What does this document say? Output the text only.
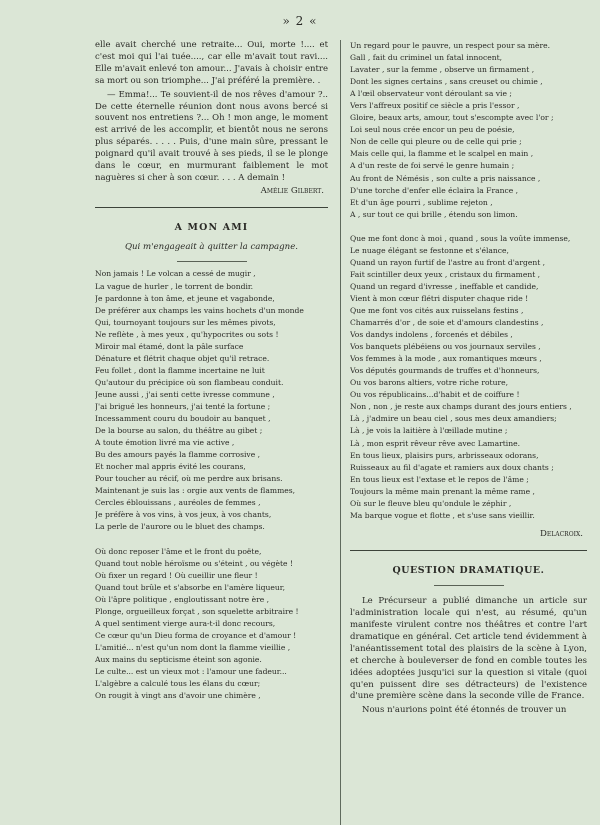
» 2 «

elle avait cherché une retraite... Oui, morte !.... et c'est moi qui l'ai tuée...., car elle m'avait tout ravi.... Elle m'avait enlevé ton amour... J'avais à choisir entre sa mort ou son triomphe... J'ai préféré la première. .

— Emma!... Te souvient-il de nos rêves d'amour ?.. De cette éternelle réunion dont nous avons bercé si souvent nos entretiens ?... Oh ! mon ange, le moment est arrivé de les accomplir, et bientôt nous ne serons plus séparés. . . . . Puis, d'une main sûre, pressant le poignard qu'il avait trouvé à ses pieds, il se le plonge dans le cœur, en murmurant faiblement le mot naguères si cher à son cœur. . . . A demain !

Amélie Gilbert.

A MON AMI
Qui m'engageait à quitter la campagne.
Non jamais ! Le volcan a cessé de mugir ,
La vague de hurler , le torrent de bondir.
Je pardonne à ton âme, et jeune et vagabonde,
De préférer aux champs les vains hochets d'un monde
Qui, tournoyant toujours sur les mêmes pivots,
Ne reflète , à mes yeux , qu'hypocrites ou sots !
Miroir mal étamé, dont la pâle surface
Dénature et flétrit chaque objet qu'il retrace.
Feu follet , dont la flamme incertaine ne luit
Qu'autour du précipice où son flambeau conduit.
Jeune aussi , j'ai senti cette ivresse commune ,
J'ai brigué les honneurs, j'ai tenté la fortune ;
Incessamment couru du boudoir au banquet ,
De la bourse au salon, du théâtre au gibet ;
A toute émotion livré ma vie active ,
Bu des amours payés la flamme corrosive ,
Et nocher mal appris évité les courans,
Pour toucher au récif, où me perdre aux brisans.
Maintenant je suis las : orgie aux vents de flammes,
Cercles éblouissans , auréoles de femmes ,
Je préfère à vos vins, à vos jeux, à vos chants,
La perle de l'aurore ou le bluet des champs.
Où donc reposer l'âme et le front du poëte,
Quand tout noble héroïsme ou s'éteint , ou végète !
Où fixer un regard ! Où cueillir une fleur !
Quand tout brûle et s'absorbe en l'amère liqueur,
Où l'âpre politique , engloutissant notre ère ,
Plonge, orgueilleux forçat , son squelette arbitraire !
A quel sentiment vierge aura-t-il donc recours,
Ce cœur qu'un Dieu forma de croyance et d'amour !
L'amitié... n'est qu'un nom dont la flamme vieillie ,
Aux mains du septicisme éteint son agonie.
Le culte... est un vieux mot : l'amour une fadeur...
L'algèbre a calculé tous les élans du cœur;
On rougit à vingt ans d'avoir une chimère ,
Un regard pour le pauvre, un respect pour sa mère.
Gall , fait du criminel un fatal innocent,
Lavater , sur la femme , observe un firmament ,
Dont les signes certains , sans creuset ou chimie ,
A l'œil observateur vont déroulant sa vie ;
Vers l'affreux positif ce siècle a pris l'essor ,
Gloire, beaux arts, amour, tout s'escompte avec l'or ;
Loi seul nous crée encor un peu de poésie,
Non de celle qui pleure ou de celle qui prie ;
Mais celle qui, la flamme et le scalpel en main ,
A d'un reste de foi servé le genre humain ;
Au front de Némésis , son culte a pris naissance ,
D'une torche d'enfer elle éclaira la France ,
Et d'un âge pourri , sublime rejeton ,
A , sur tout ce qui brille , étendu son limon.
Que me font donc à moi , quand , sous la voûte immense,
Le nuage élégant se festonne et s'élance,
Quand un rayon furtif de l'astre au front d'argent ,
Fait scintiller deux yeux , cristaux du firmament ,
Quand un regard d'ivresse , ineffable et candide,
Vient à mon cœur flétri disputer chaque ride !
Que me font vos cités aux ruisselans festins ,
Chamarrés d'or , de soie et d'amours clandestins ,
Vos dandys indolens , forcenés et débiles ,
Vos banquets plébéiens ou vos journaux serviles ,
Vos femmes à la mode , aux romantiques mœurs ,
Vos députés gourmands de truffes et d'honneurs,
Ou vos barons altiers, votre riche roture,
Ou vos républicains...d'habit et de coiffure !
Non , non , je reste aux champs durant des jours entiers ,
Là , j'admire un beau ciel , sous mes deux amandiers;
Là , je vois la laitière à l'œillade mutine ;
Là , mon esprit rêveur rêve avec Lamartine.
En tous lieux, plaisirs purs, arbrisseaux odorans,
Ruisseaux au fil d'agate et ramiers aux doux chants ;
En tous lieux est l'extase et le repos de l'âme ;
Toujours la même main prenant la même rame ,
Où sur le fleuve bleu qu'ondule le zéphir ,
Ma barque vogue et flotte , et s'use sans vieillir.

Delacroix.

QUESTION DRAMATIQUE.

Le Précurseur a publié dimanche un article sur l'administration locale qui n'est, au résumé, qu'un manifeste virulent contre nos théâtres et contre l'art dramatique en général. Cet article tend évidemment à l'anéantissement total des plaisirs de la scène à Lyon, et cherche à bouleverser de fond en comble toutes les idées adoptées jusqu'ici sur la question si vitale (quoi qu'en puissent dire ses détracteurs) de l'existence d'une première scène dans la seconde ville de France.

Nous n'aurions point été étonnés de trouver un
